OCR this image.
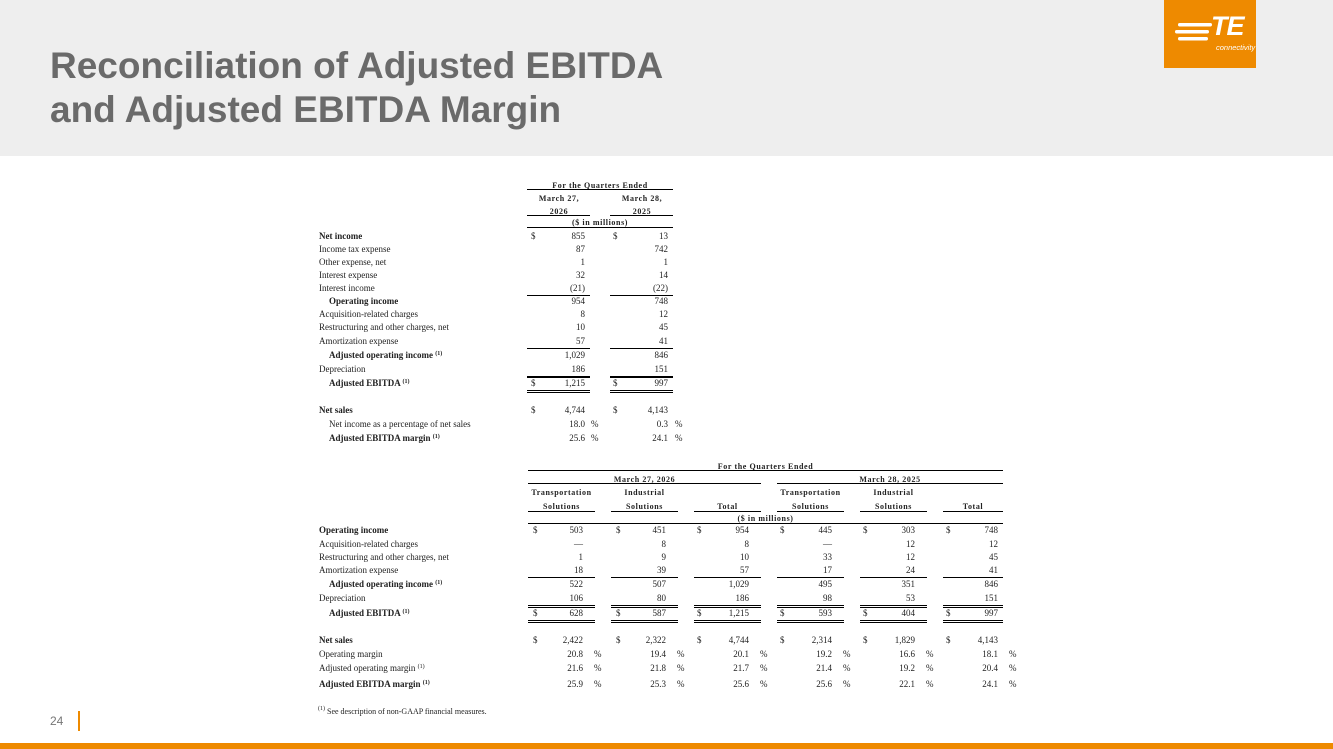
Reconciliation of Adjusted EBITDA
and Adjusted EBITDA Margin
TE
connectivity
For the Quarters Ended
March 27,
2026
March 28,
2025
($ in millions)
Net income	$	855	$	13
Income tax expense	87	742
Other expense, net	1	1
Interest expense	32	14
Interest income	(21)	(22)
Operating income	954	748
Acquisition-related charges	8	12
Restructuring and other charges, net	10	45
Amortization expense	57	41
Adjusted operating income $^{(1)}$	1,029	846
Depreciation	186	151
Adjusted EBITDA $^{(1)}$	$	1,215	$	997
Net sales	$	4,744	$	4,143
Net income as a percentage of net sales	18.0 %	0.3 %
Adjusted EBITDA margin $^{(1)}$	25.6 %	24.1 %
For the Quarters Ended
March 27, 2026	March 28, 2025
Transportation
Solutions
Industrial
Solutions	Total
Transportation
Solutions
Industrial
Solutions	Total
($ in millions)
Operating income	$	503	$	451	$	954	$	445	$	303	$	748
Acquisition-related charges	—	8	8	—	12	12
Restructuring and other charges, net	1	9	10	33	12	45
Amortization expense	18	39	57	17	24	41
Adjusted operating income $^{(1)}$	522	507	1,029	495	351	846
Depreciation	106	80	186	98	53	151
Adjusted EBITDA $^{(1)}$	$	628	$	587	$	1,215	$	593	$	404	$	997
Net sales	$	2,422	$	2,322	$	4,744	$	2,314	$	1,829	$	4,143
Operating margin	20.8 %	19.4 %	20.1 %	19.2 %	16.6 %	18.1 %
Adjusted operating margin $^{(1)}$	21.6 %	21.8 %	21.7 %	21.4 %	19.2 %	20.4 %
Adjusted EBITDA margin $^{(1)}$	25.9 %	25.3 %	25.6 %	25.6 %	22.1 %	24.1 %
$^{(1)}$ See description of non-GAAP financial measures.
24
